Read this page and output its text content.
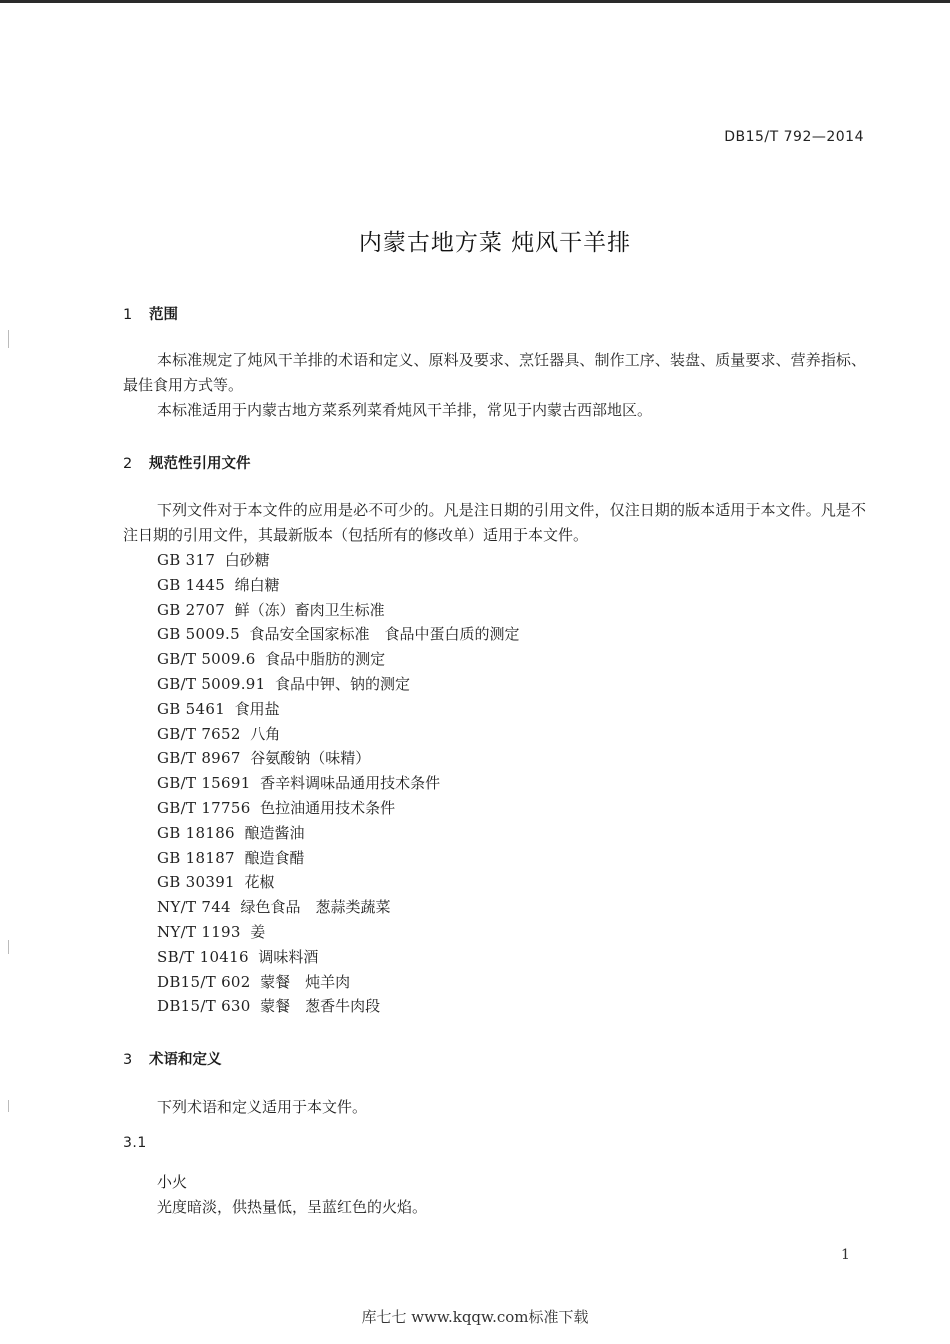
DB15/T 792—2014
内蒙古地方菜 炖风干羊排
1 范围
本标准规定了炖风干羊排的术语和定义、原料及要求、烹饪器具、制作工序、装盘、质量要求、营养指标、最佳食用方式等。
本标准适用于内蒙古地方菜系列菜肴炖风干羊排，常见于内蒙古西部地区。
2 规范性引用文件
下列文件对于本文件的应用是必不可少的。凡是注日期的引用文件，仅注日期的版本适用于本文件。凡是不注日期的引用文件，其最新版本（包括所有的修改单）适用于本文件。
GB 317 白砂糖
GB 1445 绵白糖
GB 2707 鲜（冻）畜肉卫生标准
GB 5009.5 食品安全国家标准　食品中蛋白质的测定
GB/T 5009.6 食品中脂肪的测定
GB/T 5009.91 食品中钾、钠的测定
GB 5461 食用盐
GB/T 7652 八角
GB/T 8967 谷氨酸钠（味精）
GB/T 15691 香辛料调味品通用技术条件
GB/T 17756 色拉油通用技术条件
GB 18186 酿造酱油
GB 18187 酿造食醋
GB 30391 花椒
NY/T 744 绿色食品　葱蒜类蔬菜
NY/T 1193 姜
SB/T 10416 调味料酒
DB15/T 602 蒙餐　炖羊肉
DB15/T 630 蒙餐　葱香牛肉段
3 术语和定义
下列术语和定义适用于本文件。
3.1
小火
光度暗淡，供热量低，呈蓝红色的火焰。
1
库七七 www.kqqw.com标准下载
